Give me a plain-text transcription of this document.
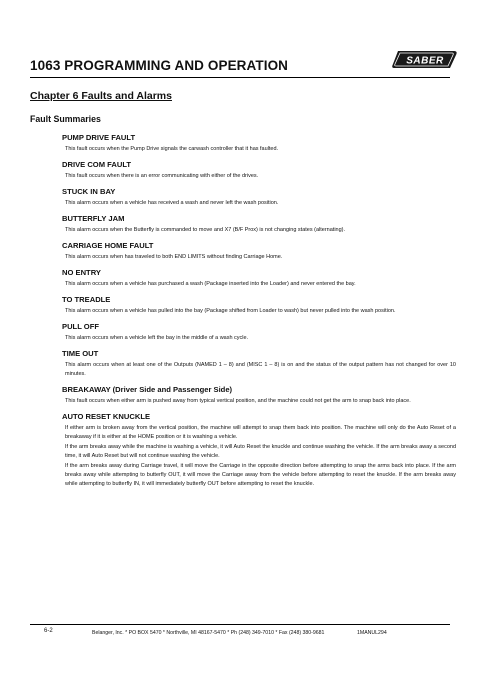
1063 PROGRAMMING AND OPERATION	SABER
Chapter 6 Faults and Alarms
Fault Summaries
PUMP DRIVE FAULT

This fault occurs when the Pump Drive signals the carwash controller that it has faulted.

DRIVE COM FAULT

This fault occurs when there is an error communicating with either of the drives.

STUCK IN BAY

This alarm occurs when a vehicle has received a wash and never left the wash position.

BUTTERFLY JAM

This alarm occurs when the Butterfly is commanded to move and X7 (B/F Prox) is not changing states (alternating).

CARRIAGE HOME FAULT

This alarm occurs when has traveled to both END LIMITS without finding Carriage Home.

NO ENTRY

This alarm occurs when a vehicle has purchased a wash (Package inserted into the Loader) and never entered the bay.

TO TREADLE

This alarm occurs when a vehicle has pulled into the bay (Package shifted from Loader to wash) but never pulled into the wash position.

PULL OFF

This alarm occurs when a vehicle left the bay in the middle of a wash cycle.

TIME OUT

This alarm occurs when at least one of the Outputs (NAMED 1 – 8) and (MISC 1 – 8) is on and the status of the output pattern has not changed for over 10 minutes.

BREAKAWAY (Driver Side and Passenger Side)

This fault occurs when either arm is pushed away from typical vertical position, and the machine could not get the arm to snap back into place.

AUTO RESET KNUCKLE

If either arm is broken away from the vertical position, the machine will attempt to snap them back into position. The machine will only do the Auto Reset of a breakaway if it is either at the HOME position or it is washing a vehicle.

If the arm breaks away while the machine is washing a vehicle, it will Auto Reset the knuckle and continue washing the vehicle. If the arm breaks away a second time, it will Auto Reset but will not continue washing the vehicle.

If the arm breaks away during Carriage travel, it will move the Carriage in the opposite direction before attempting to snap the arms back into place. If the arm breaks away while attempting to butterfly OUT, it will move the Carriage away from the vehicle before attempting to reset the knuckle. If the arm breaks away while attempting to butterfly IN, it will immediately butterfly OUT before attempting to reset the knuckle.

6-2	Belanger, Inc. * PO BOX 5470 * Northville, MI 48167-5470 * Ph (248) 349-7010 * Fax (248) 380-9681	1MANUL294
